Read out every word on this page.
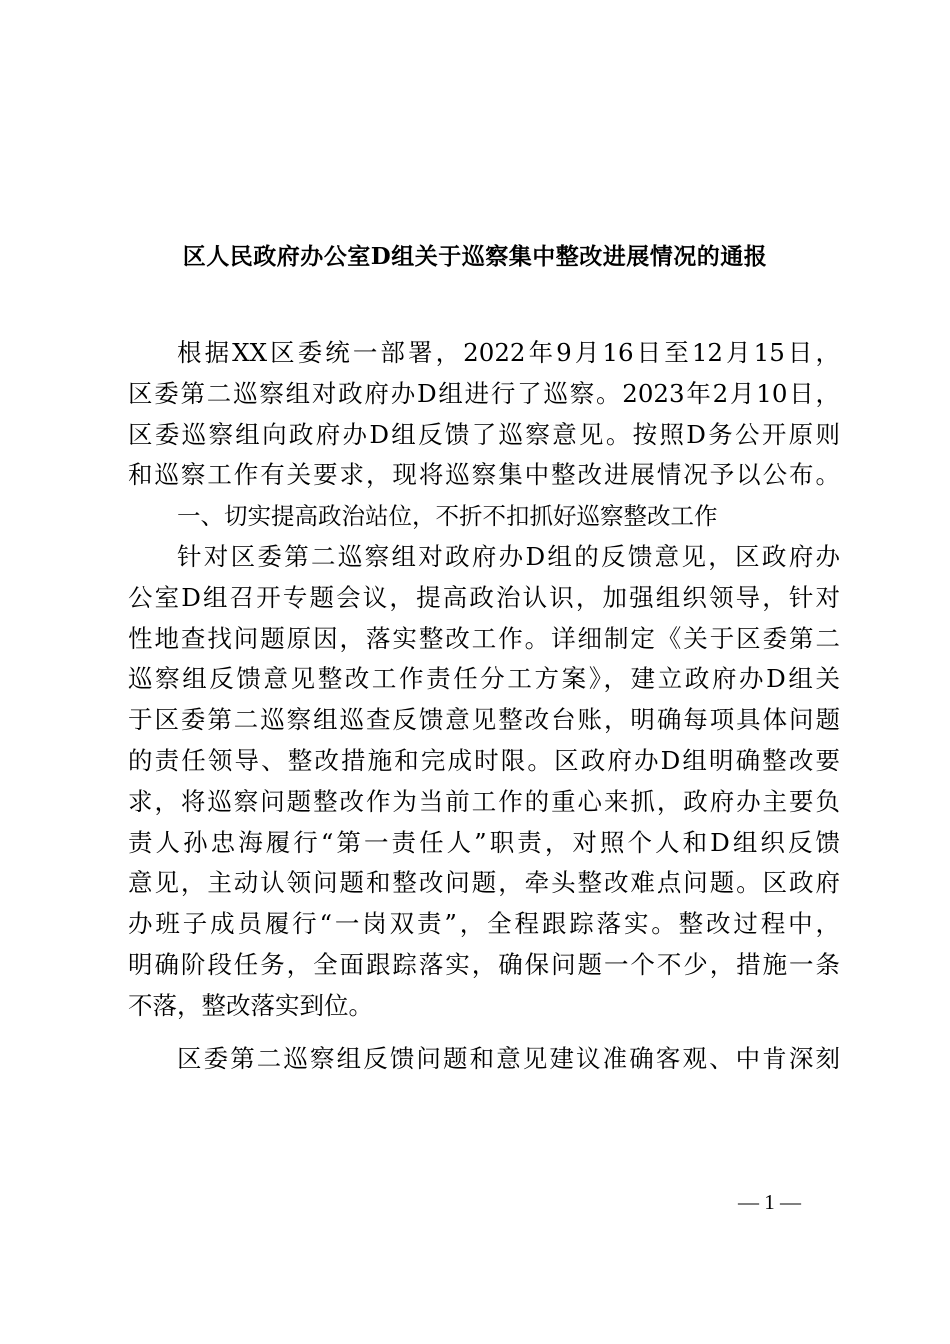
区人民政府办公室D组关于巡察集中整改进展情况的通报
根据XX区委统一部署，2022年9月16日至12月15日，
区委第二巡察组对政府办D组进行了巡察。2023年2月10日，
区委巡察组向政府办D组反馈了巡察意见。按照D务公开原则
和巡察工作有关要求，现将巡察集中整改进展情况予以公布。
一、切实提高政治站位，不折不扣抓好巡察整改工作
针对区委第二巡察组对政府办D组的反馈意见，区政府办
公室D组召开专题会议，提高政治认识，加强组织领导，针对
性地查找问题原因，落实整改工作。详细制定《关于区委第二
巡察组反馈意见整改工作责任分工方案》，建立政府办D组关
于区委第二巡察组巡查反馈意见整改台账，明确每项具体问题
的责任领导、整改措施和完成时限。区政府办D组明确整改要
求，将巡察问题整改作为当前工作的重心来抓，政府办主要负
责人孙忠海履行“第一责任人”职责，对照个人和D组织反馈
意见，主动认领问题和整改问题，牵头整改难点问题。区政府
办班子成员履行“一岗双责”，全程跟踪落实。整改过程中，
明确阶段任务，全面跟踪落实，确保问题一个不少，措施一条
不落，整改落实到位。
区委第二巡察组反馈问题和意见建议准确客观、中肯深刻
— 1 —
